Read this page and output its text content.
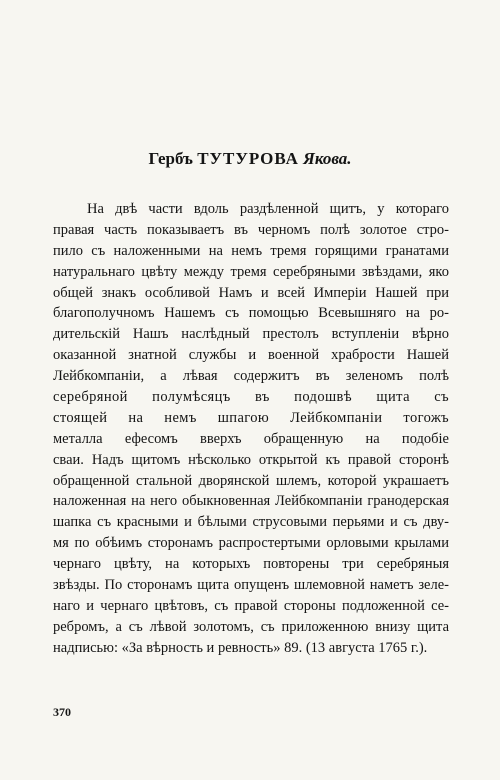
Гербъ ТУТУРОВА Якова.
На двѣ части вдоль раздѣленной щитъ, у котораго
правая часть показываетъ въ черномъ полѣ золотое стро-
пило съ наложенными на немъ тремя горящими гранатами
натуральнаго цвѣту между тремя серебряными звѣздами, яко
общей знакъ особливой Намъ и всей Имперіи Нашей при
благополучномъ Нашемъ съ помощью Всевышняго на ро-
дительскій Нашъ наслѣдный престолъ вступленіи вѣрно
оказанной знатной службы и военной храбрости Нашей
Лейбкомпаніи, а лѣвая содержитъ въ зеленомъ полѣ
серебряной полумѣсяцъ въ подошвѣ щита съ
стоящей на немъ шпагою Лейбкомпаніи тогожъ
металла ефесомъ вверхъ обращенную на подобіе
сваи. Надъ щитомъ нѣсколько открытой къ правой сторонѣ
обращенной стальной дворянской шлемъ, которой украшаетъ
наложенная на него обыкновенная Лейбкомпаніи гранодерская
шапка съ красными и бѣлыми струсовыми перьями и съ дву-
мя по обѣимъ сторонамъ распростертыми орловыми крылами
чернаго цвѣту, на которыхъ повторены три серебряныя
звѣзды. По сторонамъ щита опущенъ шлемовной наметъ зеле-
наго и чернаго цвѣтовъ, съ правой стороны подложенной се-
ребромъ, а съ лѣвой золотомъ, съ приложенною внизу щита
надписью: «За вѣрность и ревность» 89. (13 августа 1765 г.).
370
